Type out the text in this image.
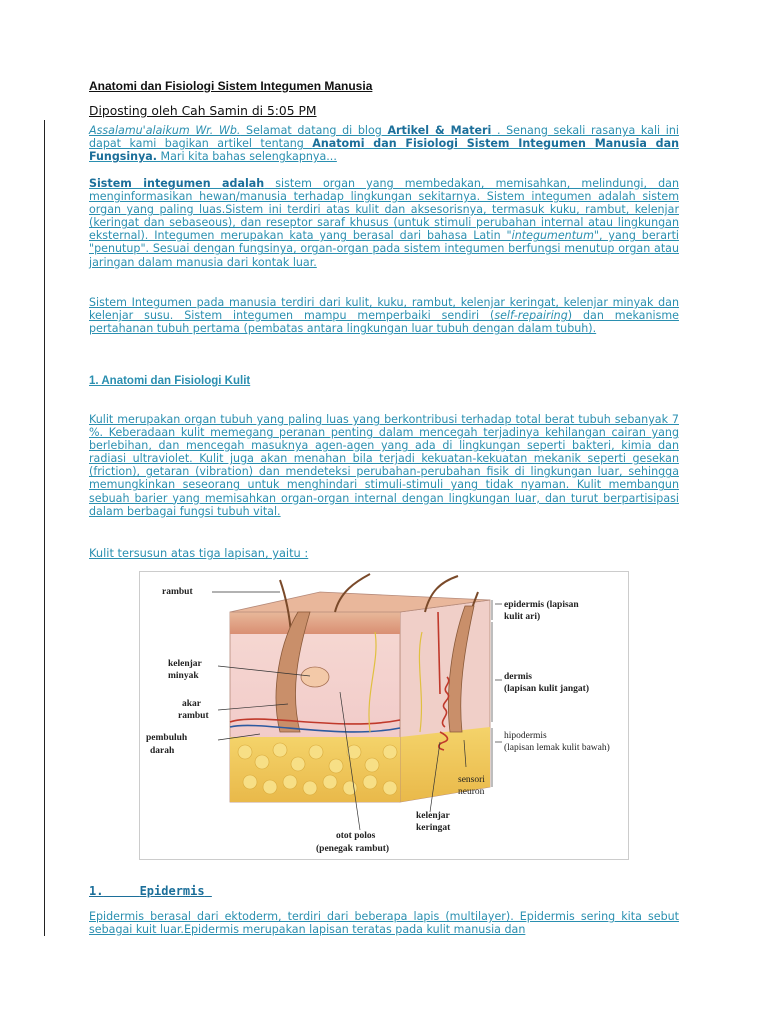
Anatomi dan Fisiologi Sistem Integumen Manusia
Diposting oleh Cah Samin di 5:05 PM
Assalamu'alaikum Wr. Wb. Selamat datang di blog Artikel & Materi . Senang sekali rasanya kali ini dapat kami bagikan artikel tentang Anatomi dan Fisiologi Sistem Integumen Manusia dan Fungsinya. Mari kita bahas selengkapnya...
Sistem integumen adalah sistem organ yang membedakan, memisahkan, melindungi, dan menginformasikan hewan/manusia terhadap lingkungan sekitarnya. Sistem integumen adalah sistem organ yang paling luas.Sistem ini terdiri atas kulit dan aksesorisnya, termasuk kuku, rambut, kelenjar (keringat dan sebaseous), dan reseptor saraf khusus (untuk stimuli perubahan internal atau lingkungan eksternal). Integumen merupakan kata yang berasal dari bahasa Latin "integumentum", yang berarti "penutup". Sesuai dengan fungsinya, organ-organ pada sistem integumen berfungsi menutup organ atau jaringan dalam manusia dari kontak luar.
Sistem Integumen pada manusia terdiri dari kulit, kuku, rambut, kelenjar keringat, kelenjar minyak dan kelenjar susu. Sistem integumen mampu memperbaiki sendiri (self-repairing) dan mekanisme pertahanan tubuh pertama (pembatas antara lingkungan luar tubuh dengan dalam tubuh).
1. Anatomi dan Fisiologi Kulit
Kulit merupakan organ tubuh yang paling luas yang berkontribusi terhadap total berat tubuh sebanyak 7 %. Keberadaan kulit memegang peranan penting dalam mencegah terjadinya kehilangan cairan yang berlebihan, dan mencegah masuknya agen-agen yang ada di lingkungan seperti bakteri, kimia dan radiasi ultraviolet. Kulit juga akan menahan bila terjadi kekuatan-kekuatan mekanik seperti gesekan (friction), getaran (vibration) dan mendeteksi perubahan-perubahan fisik di lingkungan luar, sehingga memungkinkan seseorang untuk menghindari stimuli-stimuli yang tidak nyaman. Kulit membangun sebuah barier yang memisahkan organ-organ internal dengan lingkungan luar, dan turut berpartisipasi dalam berbagai fungsi tubuh vital.
Kulit tersusun atas tiga lapisan, yaitu :
rambut
kelenjar
minyak
akar
rambut
pembuluh
darah
epidermis (lapisan
kulit ari)
dermis
(lapisan kulit jangat)
hipodermis
(lapisan lemak kulit bawah)
sensori
neuron
kelenjar
keringat
otot polos
(penegak rambut)
1.	Epidermis
Epidermis berasal dari ektoderm, terdiri dari beberapa lapis (multilayer). Epidermis sering kita sebut sebagai kuit luar.Epidermis merupakan lapisan teratas pada kulit manusia dan
